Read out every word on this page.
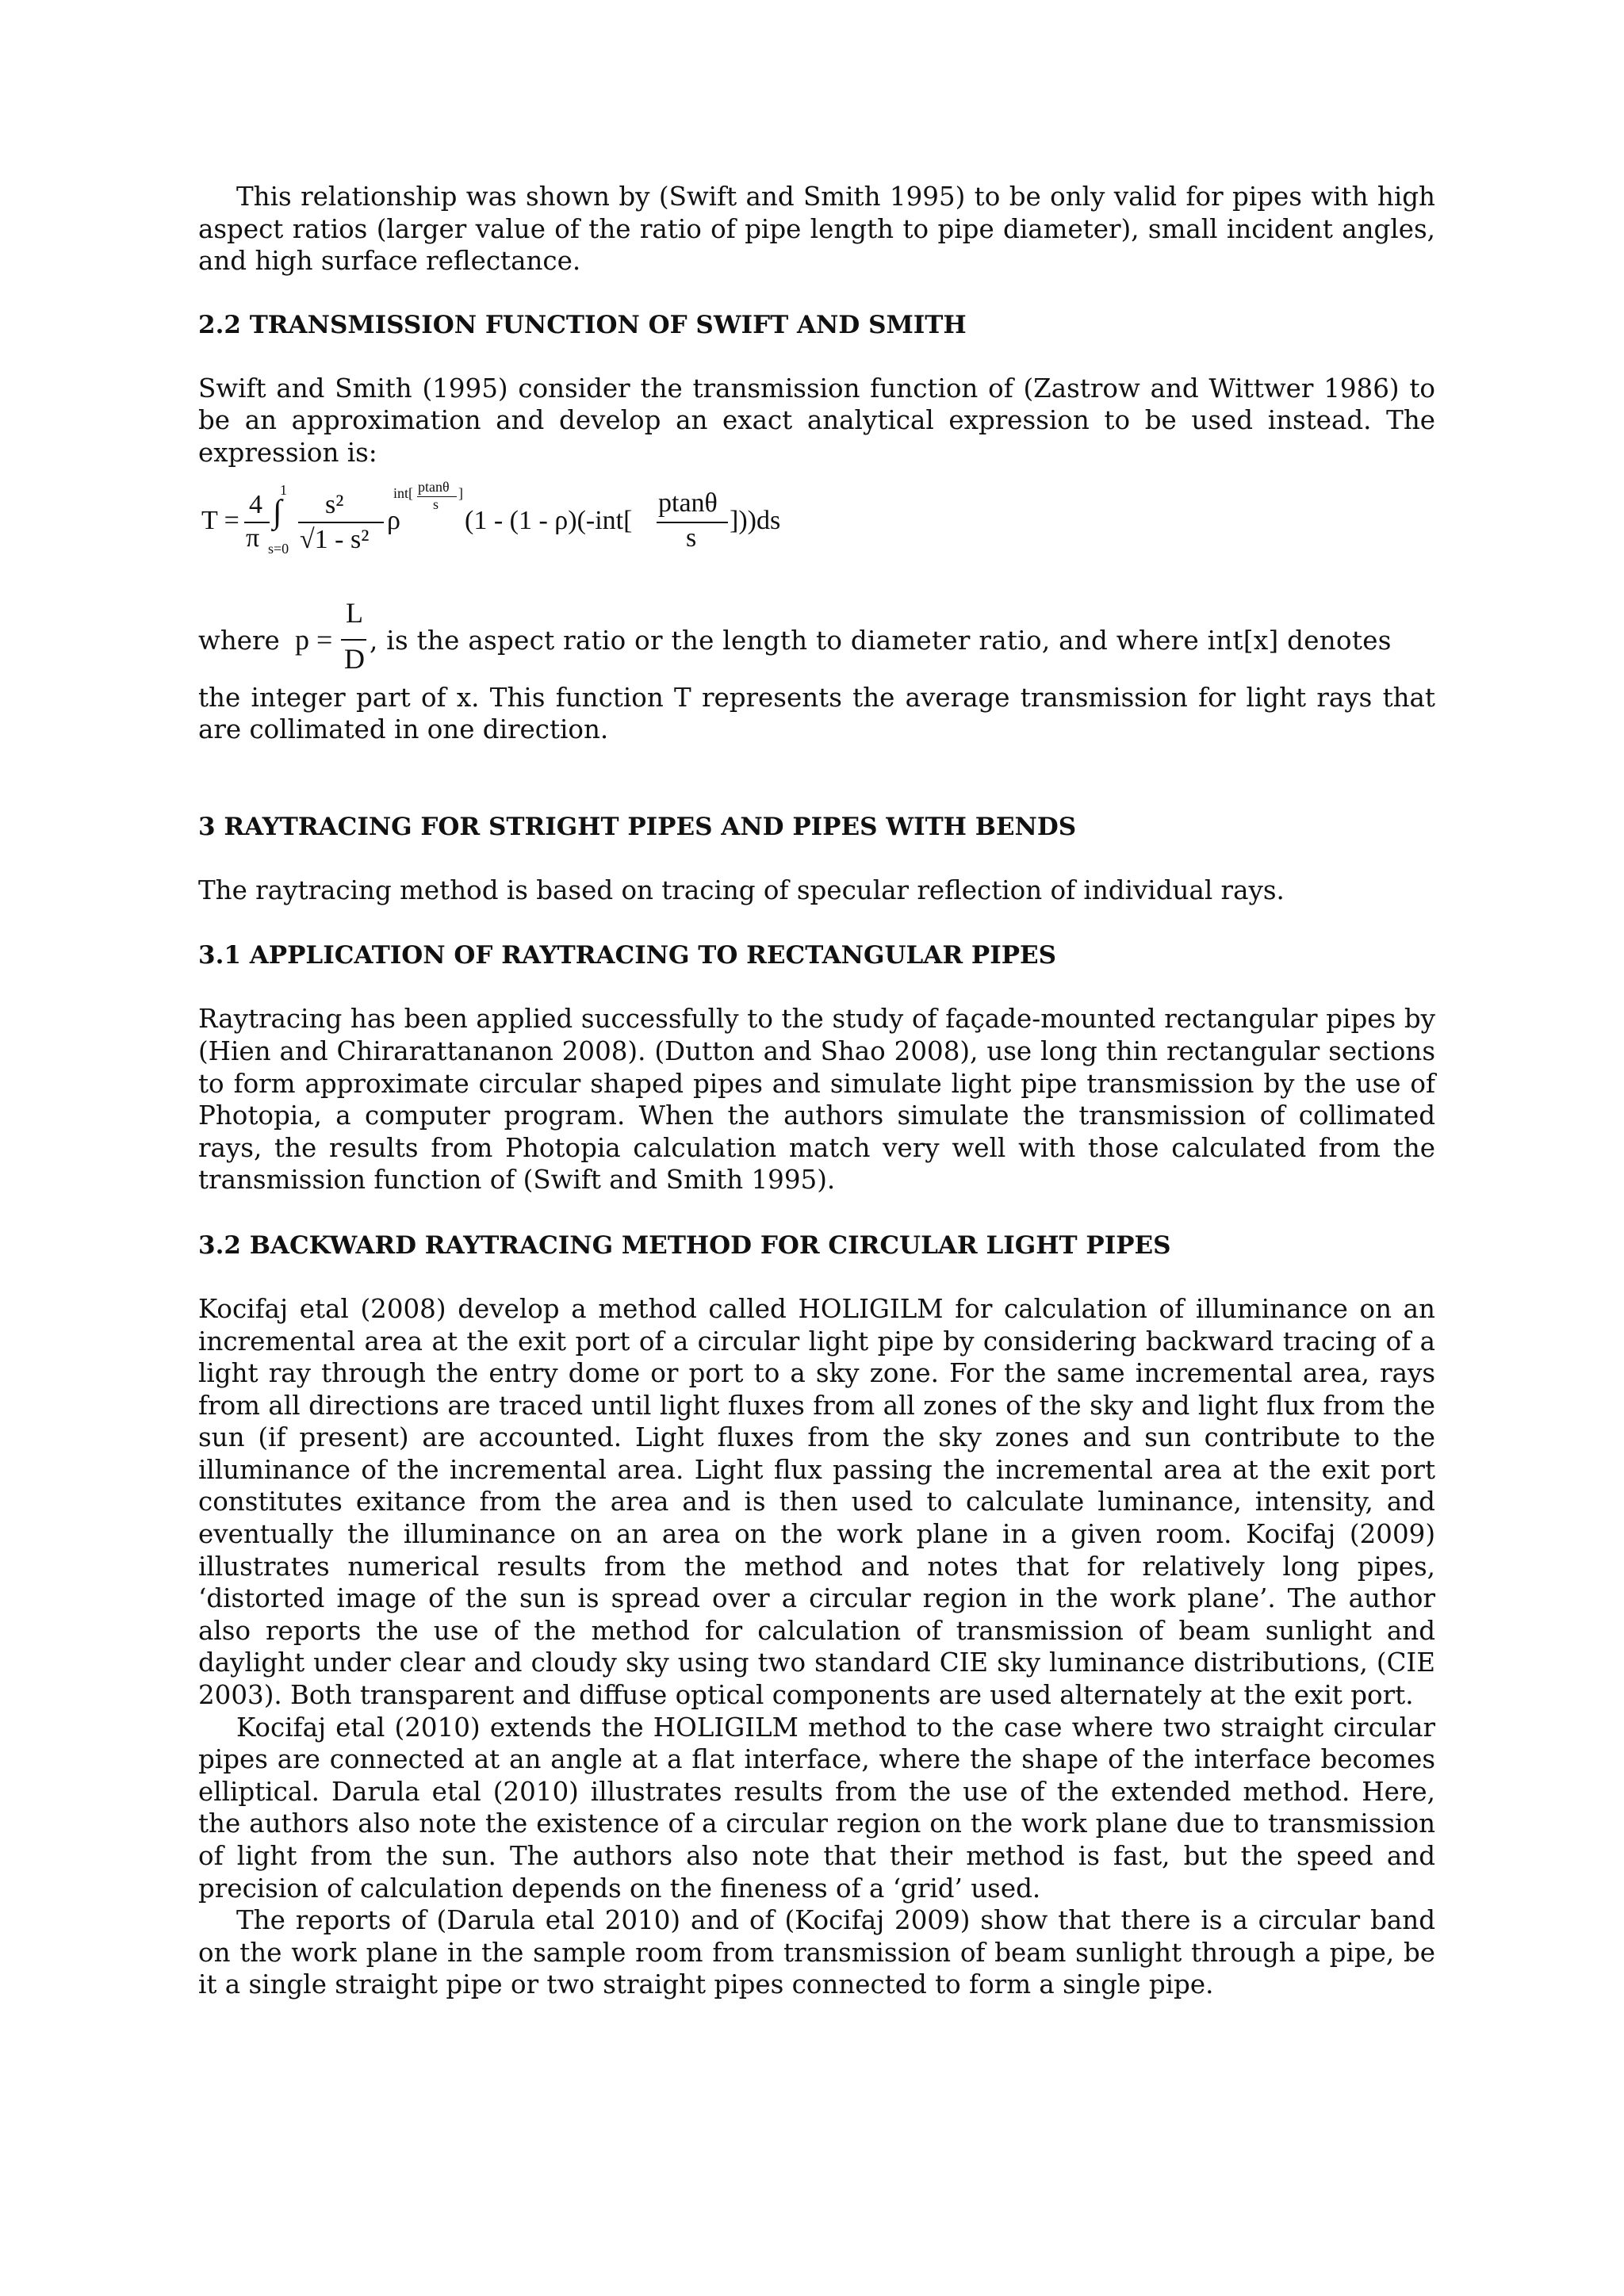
This relationship was shown by (Swift and Smith 1995) to be only valid for pipes with high aspect ratios (larger value of the ratio of pipe length to pipe diameter), small incident angles, and high surface reflectance.

2.2 TRANSMISSION FUNCTION OF SWIFT AND SMITH

Swift and Smith (1995) consider the transmission function of (Zastrow and Wittwer 1986) to be an approximation and develop an exact analytical expression to be used instead. The expression is:

T =
4
π
1
∫
s=0
s²
√1 - s²
ρ
int[ ptanθ
s
]
(1 - (1 - ρ)(-int[
ptanθ
s
]))ds
where p =
L
D
, is the aspect ratio or the length to diameter ratio, and where int[x] denotes

the integer part of x. This function T represents the average transmission for light rays that are collimated in one direction.

3 RAYTRACING FOR STRIGHT PIPES AND PIPES WITH BENDS

The raytracing method is based on tracing of specular reflection of individual rays.

3.1 APPLICATION OF RAYTRACING TO RECTANGULAR PIPES

Raytracing has been applied successfully to the study of façade-mounted rectangular pipes by (Hien and Chirarattananon 2008). (Dutton and Shao 2008), use long thin rectangular sections to form approximate circular shaped pipes and simulate light pipe transmission by the use of Photopia, a computer program. When the authors simulate the transmission of collimated rays, the results from Photopia calculation match very well with those calculated from the transmission function of (Swift and Smith 1995).

3.2 BACKWARD RAYTRACING METHOD FOR CIRCULAR LIGHT PIPES

Kocifaj etal (2008) develop a method called HOLIGILM for calculation of illuminance on an incremental area at the exit port of a circular light pipe by considering backward tracing of a light ray through the entry dome or port to a sky zone. For the same incremental area, rays from all directions are traced until light fluxes from all zones of the sky and light flux from the sun (if present) are accounted. Light fluxes from the sky zones and sun contribute to the illuminance of the incremental area. Light flux passing the incremental area at the exit port constitutes exitance from the area and is then used to calculate luminance, intensity, and eventually the illuminance on an area on the work plane in a given room. Kocifaj (2009) illustrates numerical results from the method and notes that for relatively long pipes, ‘distorted image of the sun is spread over a circular region in the work plane’. The author also reports the use of the method for calculation of transmission of beam sunlight and daylight under clear and cloudy sky using two standard CIE sky luminance distributions, (CIE 2003). Both transparent and diffuse optical components are used alternately at the exit port.

Kocifaj etal (2010) extends the HOLIGILM method to the case where two straight circular pipes are connected at an angle at a flat interface, where the shape of the interface becomes elliptical. Darula etal (2010) illustrates results from the use of the extended method. Here, the authors also note the existence of a circular region on the work plane due to transmission of light from the sun. The authors also note that their method is fast, but the speed and precision of calculation depends on the fineness of a ‘grid’ used.

The reports of (Darula etal 2010) and of (Kocifaj 2009) show that there is a circular band on the work plane in the sample room from transmission of beam sunlight through a pipe, be it a single straight pipe or two straight pipes connected to form a single pipe.
